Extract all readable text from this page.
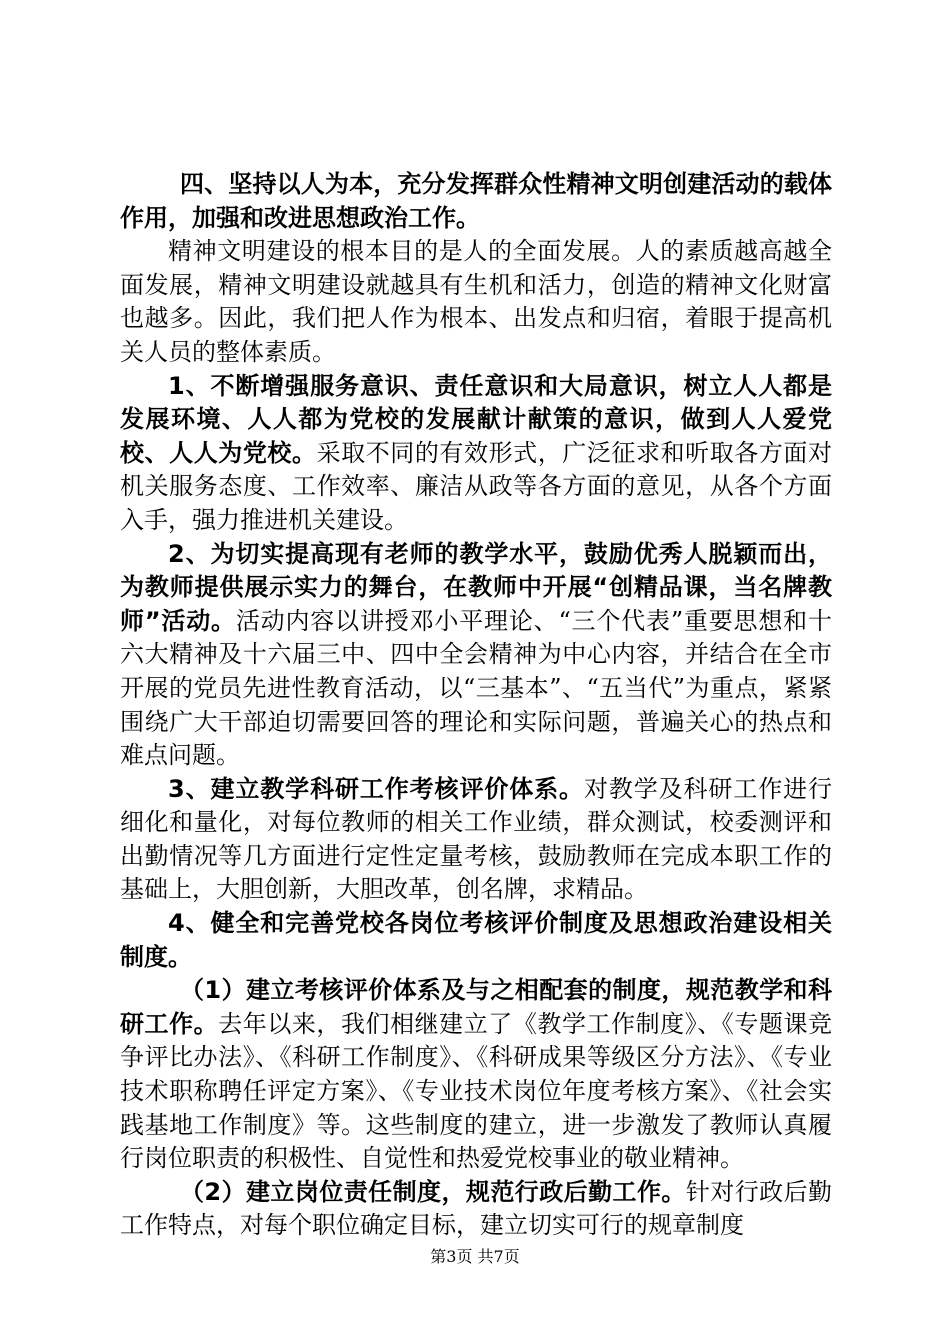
四、坚持以人为本，充分发挥群众性精神文明创建活动的载体作用，加强和改进思想政治工作。

精神文明建设的根本目的是人的全面发展。人的素质越高越全面发展，精神文明建设就越具有生机和活力，创造的精神文化财富也越多。因此，我们把人作为根本、出发点和归宿，着眼于提高机关人员的整体素质。

1、不断增强服务意识、责任意识和大局意识，树立人人都是发展环境、人人都为党校的发展献计献策的意识，做到人人爱党校、人人为党校。采取不同的有效形式，广泛征求和听取各方面对机关服务态度、工作效率、廉洁从政等各方面的意见，从各个方面入手，强力推进机关建设。

2、为切实提高现有老师的教学水平，鼓励优秀人脱颖而出，为教师提供展示实力的舞台，在教师中开展“创精品课，当名牌教师”活动。活动内容以讲授邓小平理论、“三个代表”重要思想和十六大精神及十六届三中、四中全会精神为中心内容，并结合在全市开展的党员先进性教育活动，以“三基本”、“五当代”为重点，紧紧围绕广大干部迫切需要回答的理论和实际问题，普遍关心的热点和难点问题。

3、建立教学科研工作考核评价体系。对教学及科研工作进行细化和量化，对每位教师的相关工作业绩，群众测试，校委测评和出勤情况等几方面进行定性定量考核，鼓励教师在完成本职工作的基础上，大胆创新，大胆改革，创名牌，求精品。

4、健全和完善党校各岗位考核评价制度及思想政治建设相关制度。

（1）建立考核评价体系及与之相配套的制度，规范教学和科研工作。去年以来，我们相继建立了《教学工作制度》、《专题课竞争评比办法》、《科研工作制度》、《科研成果等级区分方法》、《专业技术职称聘任评定方案》、《专业技术岗位年度考核方案》、《社会实践基地工作制度》等。这些制度的建立，进一步激发了教师认真履行岗位职责的积极性、自觉性和热爱党校事业的敬业精神。

（2）建立岗位责任制度，规范行政后勤工作。针对行政后勤工作特点，对每个职位确定目标，建立切实可行的规章制度

第3页 共7页
